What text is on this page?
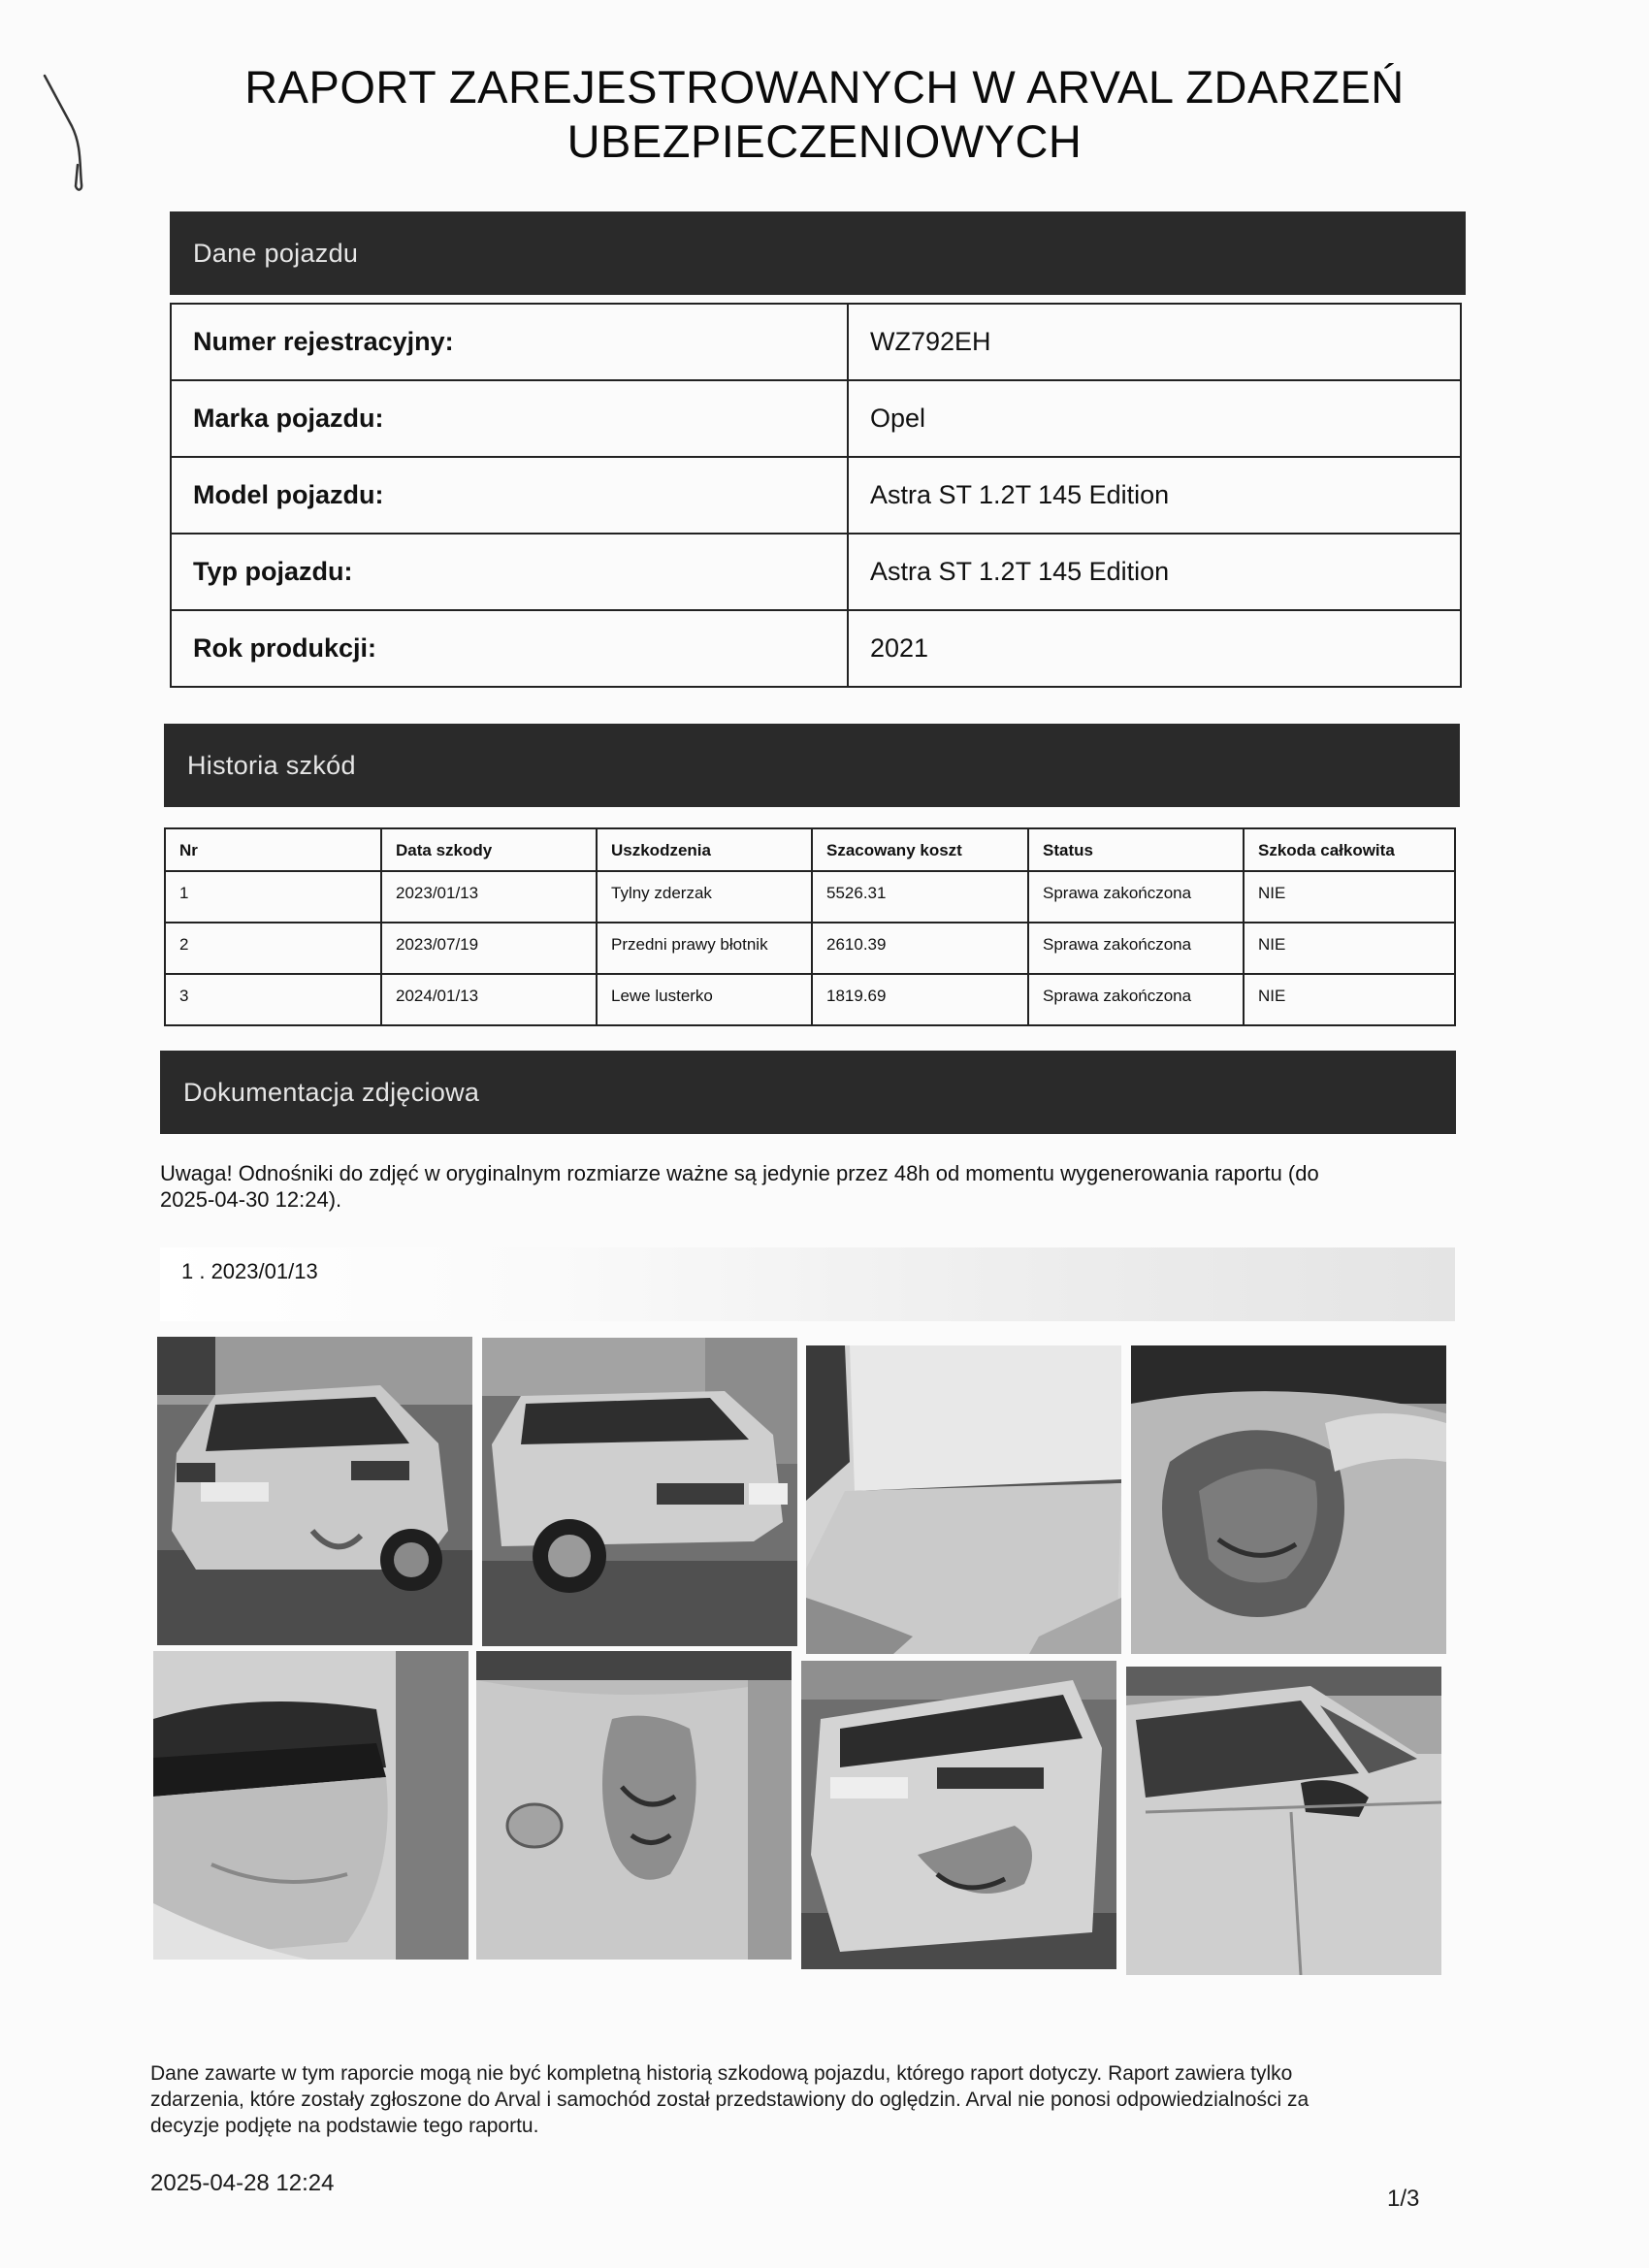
RAPORT ZAREJESTROWANYCH W ARVAL ZDARZEŃ
UBEZPIECZENIOWYCH
Dane pojazdu
Numer rejestracyjny:	WZ792EH
Marka pojazdu:	Opel
Model pojazdu:	Astra ST 1.2T 145 Edition
Typ pojazdu:	Astra ST 1.2T 145 Edition
Rok produkcji:	2021
Historia szkód
Nr	Data szkody	Uszkodzenia	Szacowany koszt	Status	Szkoda całkowita
1	2023/01/13	Tylny zderzak	5526.31	Sprawa zakończona	NIE
2	2023/07/19	Przedni prawy błotnik	2610.39	Sprawa zakończona	NIE
3	2024/01/13	Lewe lusterko	1819.69	Sprawa zakończona	NIE
Dokumentacja zdjęciowa
Uwaga! Odnośniki do zdjęć w oryginalnym rozmiarze ważne są jedynie przez 48h od momentu wygenerowania raportu (do
2025-04-30 12:24).
1 . 2023/01/13
Dane zawarte w tym raporcie mogą nie być kompletną historią szkodową pojazdu, którego raport dotyczy. Raport zawiera tylko
zdarzenia, które zostały zgłoszone do Arval i samochód został przedstawiony do oględzin. Arval nie ponosi odpowiedzialności za
decyzje podjęte na podstawie tego raportu.
2025-04-28 12:24
1/3
